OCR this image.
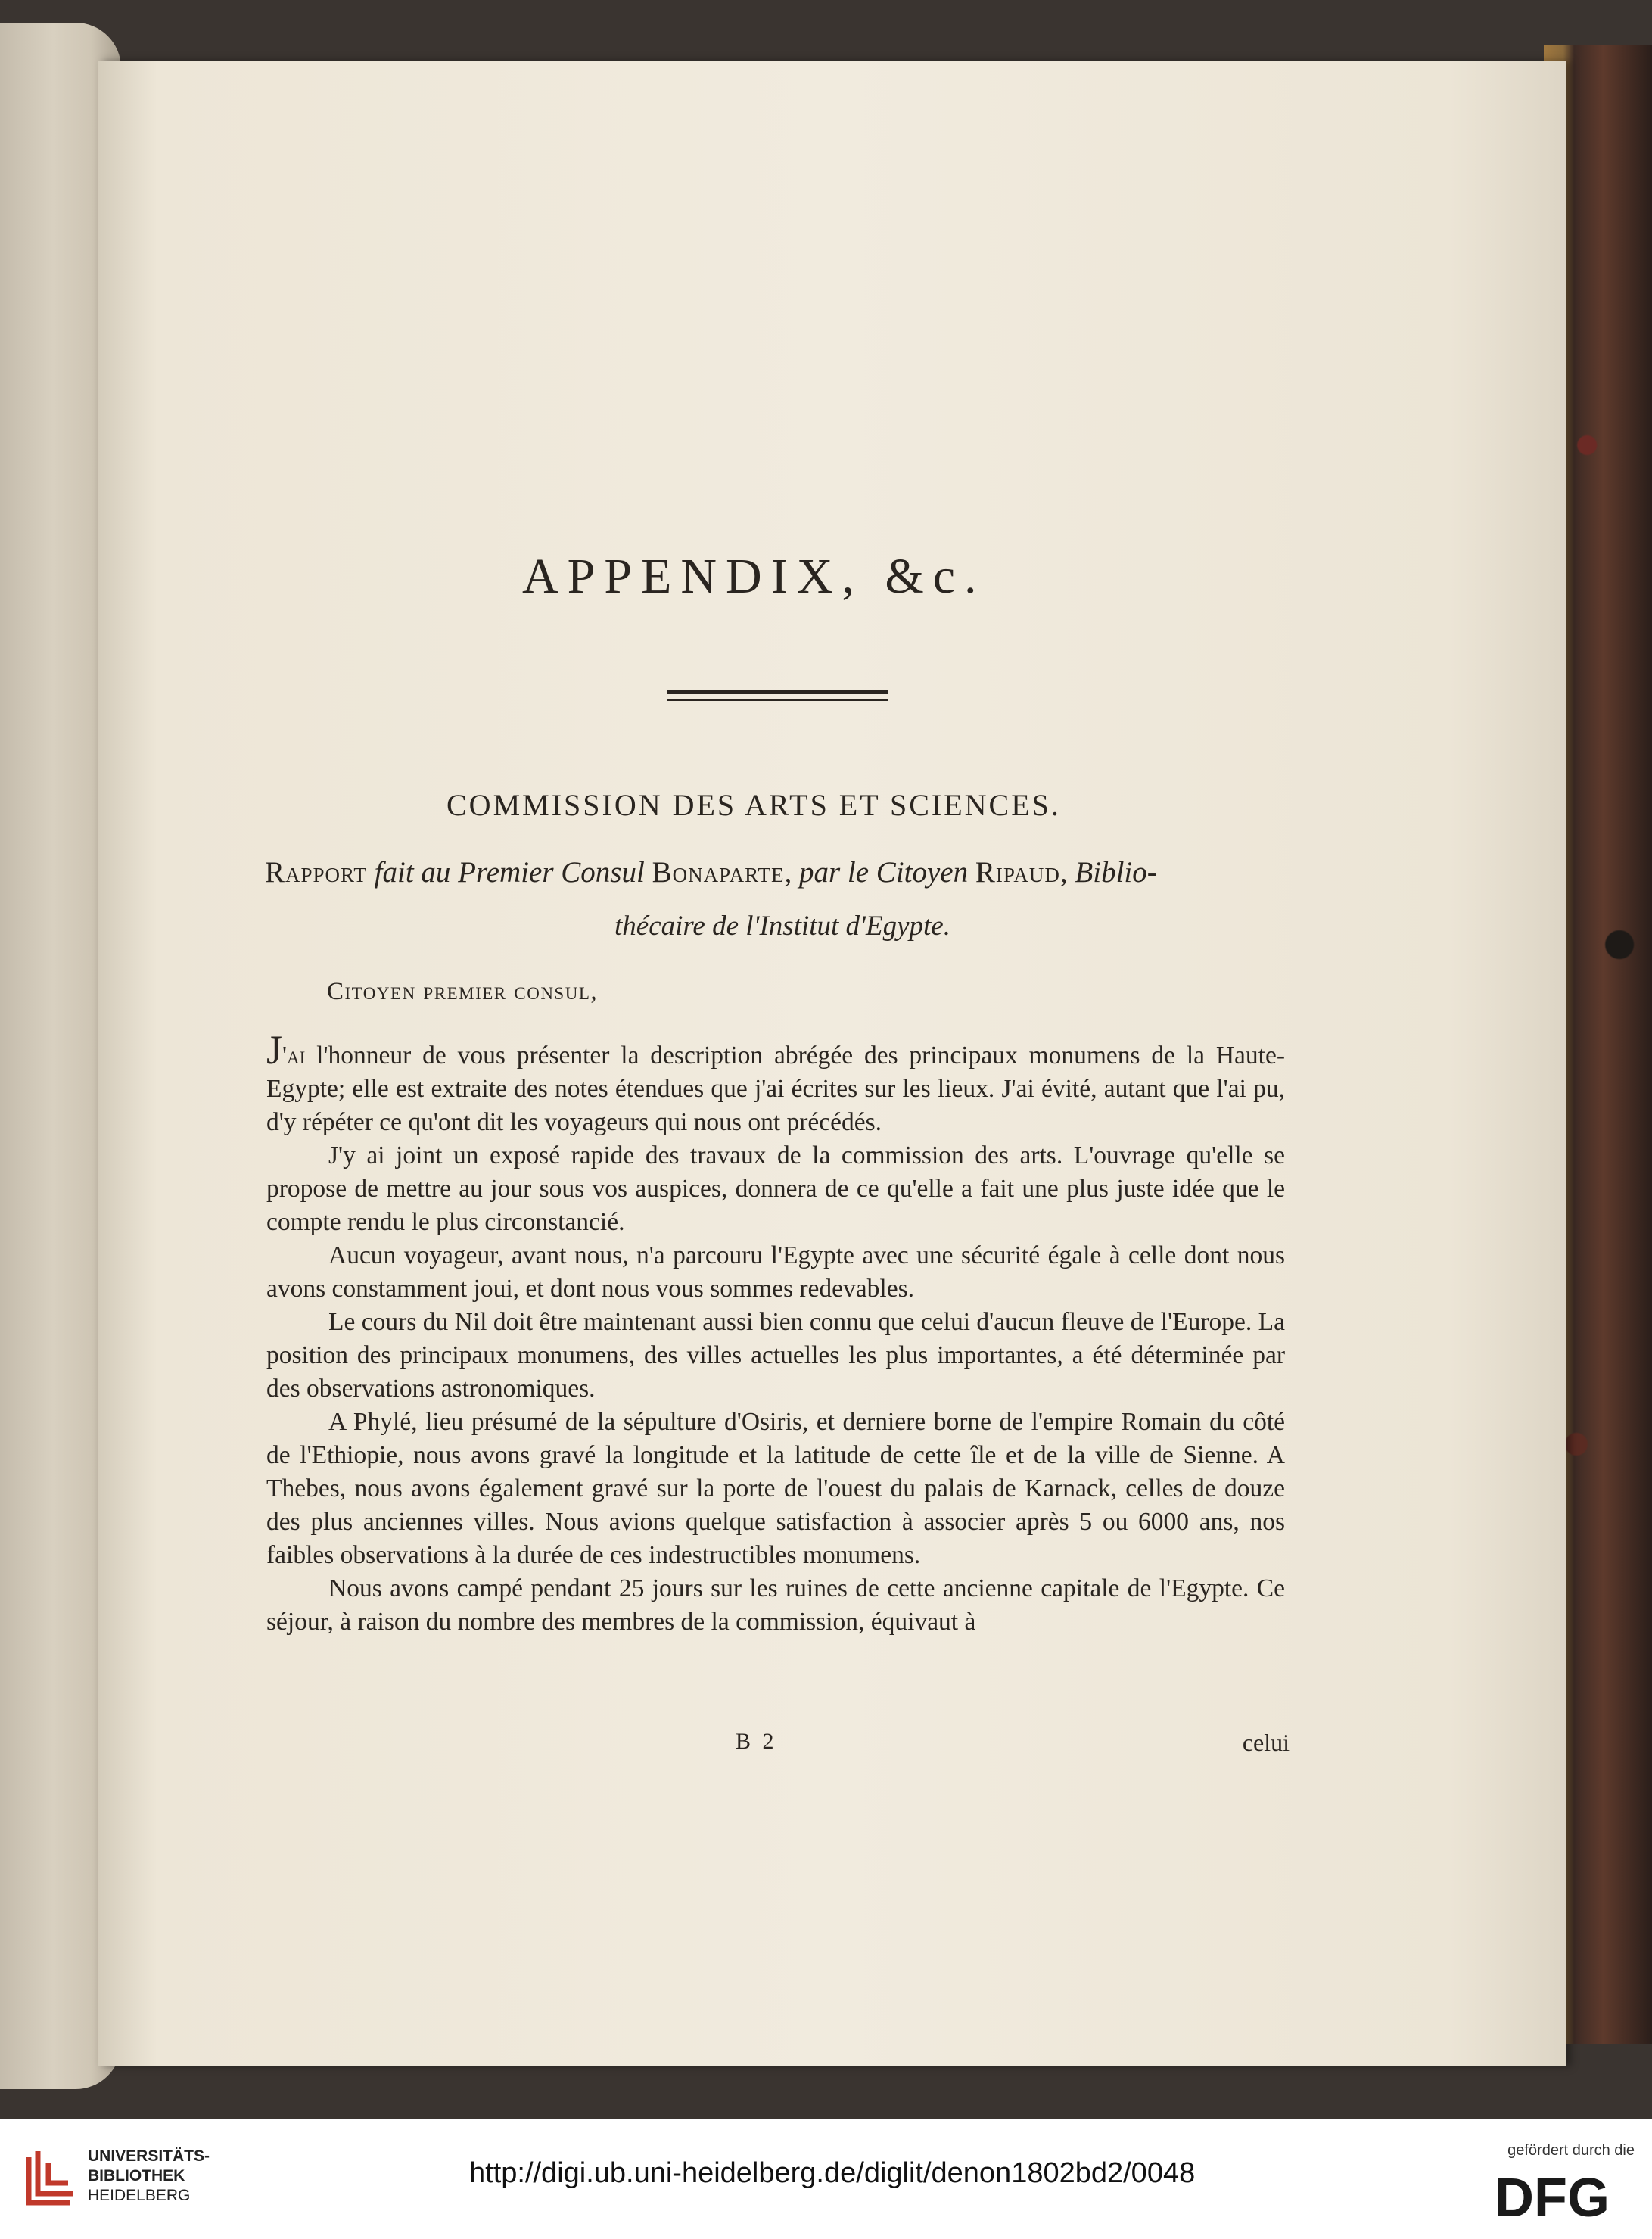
APPENDIX, &c.
COMMISSION DES ARTS ET SCIENCES.
Rapport fait au Premier Consul Bonaparte, par le Citoyen Ripaud, Biblio-
thécaire de l'Institut d'Egypte.
Citoyen premier consul,

J'ai l'honneur de vous présenter la description abrégée des principaux monumens de la Haute-Egypte; elle est extraite des notes étendues que j'ai écrites sur les lieux. J'ai évité, autant que l'ai pu, d'y répéter ce qu'ont dit les voyageurs qui nous ont précédés.

J'y ai joint un exposé rapide des travaux de la commission des arts. L'ouvrage qu'elle se propose de mettre au jour sous vos auspices, donnera de ce qu'elle a fait une plus juste idée que le compte rendu le plus circonstancié.

Aucun voyageur, avant nous, n'a parcouru l'Egypte avec une sécurité égale à celle dont nous avons constamment joui, et dont nous vous sommes redevables.

Le cours du Nil doit être maintenant aussi bien connu que celui d'aucun fleuve de l'Europe. La position des principaux monumens, des villes actuelles les plus importantes, a été déterminée par des observations astronomiques.

A Phylé, lieu présumé de la sépulture d'Osiris, et derniere borne de l'empire Romain du côté de l'Ethiopie, nous avons gravé la longitude et la latitude de cette île et de la ville de Sienne. A Thebes, nous avons également gravé sur la porte de l'ouest du palais de Karnack, celles de douze des plus anciennes villes. Nous avions quelque satisfaction à associer après 5 ou 6000 ans, nos faibles observations à la durée de ces indestructibles monumens.

Nous avons campé pendant 25 jours sur les ruines de cette ancienne capitale de l'Egypte. Ce séjour, à raison du nombre des membres de la commission, équivaut à

B 2	celui
UNIVERSITÄTS-
BIBLIOTHEK
HEIDELBERG
http://digi.ub.uni-heidelberg.de/diglit/denon1802bd2/0048
gefördert durch die
DFG
